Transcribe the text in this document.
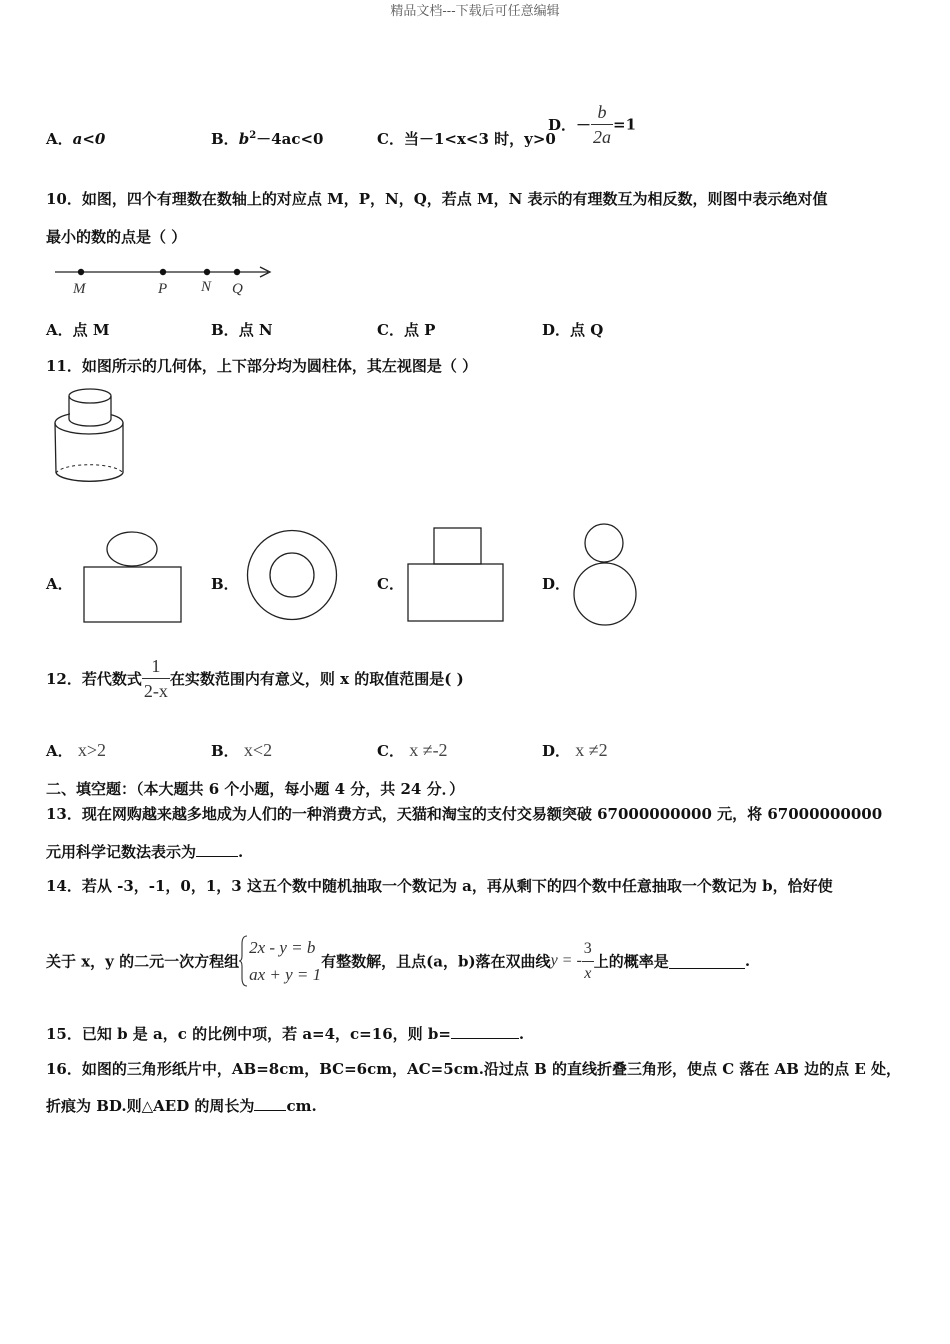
精品文档---下载后可任意编辑
A．a<0	B．$b^2-4ac<0$	C．当－1<x<3 时，y>0
D．－ $\frac{b}{2a} =1$
10．如图，四个有理数在数轴上的对应点 M，P，N，Q，若点 M，N 表示的有理数互为相反数，则图中表示绝对值
最小的数的点是（ ）
M	P N Q
A．点 M	B．点 N	C．点 P	D．点 Q
11．如图所示的几何体，上下部分均为圆柱体，其左视图是（ ）
A．	B．	C．	D．
12．若代数式 $\frac{1}{2-x}$ 在实数范围内有意义，则 x 的取值范围是( )
A． x>2	B． x<2	C． x ≠-2	D． x ≠2
二、填空题：（本大题共 6 个小题，每小题 4 分，共 24 分．）
13．现在网购越来越多地成为人们的一种消费方式，天猫和淘宝的支付交易额突破 67000000000 元，将 67000000000
元用科学记数法表示为	.
14．若从 -3，-1，0，1，3 这五个数中随机抽取一个数记为 a，再从剩下的四个数中任意抽取一个数记为 b，恰好使
关于 x，y 的二元一次方程组
2x - y = b
ax + y = 1
有整数解，且点(a，b)落在双曲线y = - $\frac{3}{x}$ 上的概率是	.
15．已知 b 是 a，c 的比例中项，若 a=4，c=16，则 b=	.
16．如图的三角形纸片中，AB=8cm，BC=6cm，AC=5cm.沿过点 B 的直线折叠三角形，使点 C 落在 AB 边的点 E 处，
折痕为 BD.则△AED 的周长为 cm.
